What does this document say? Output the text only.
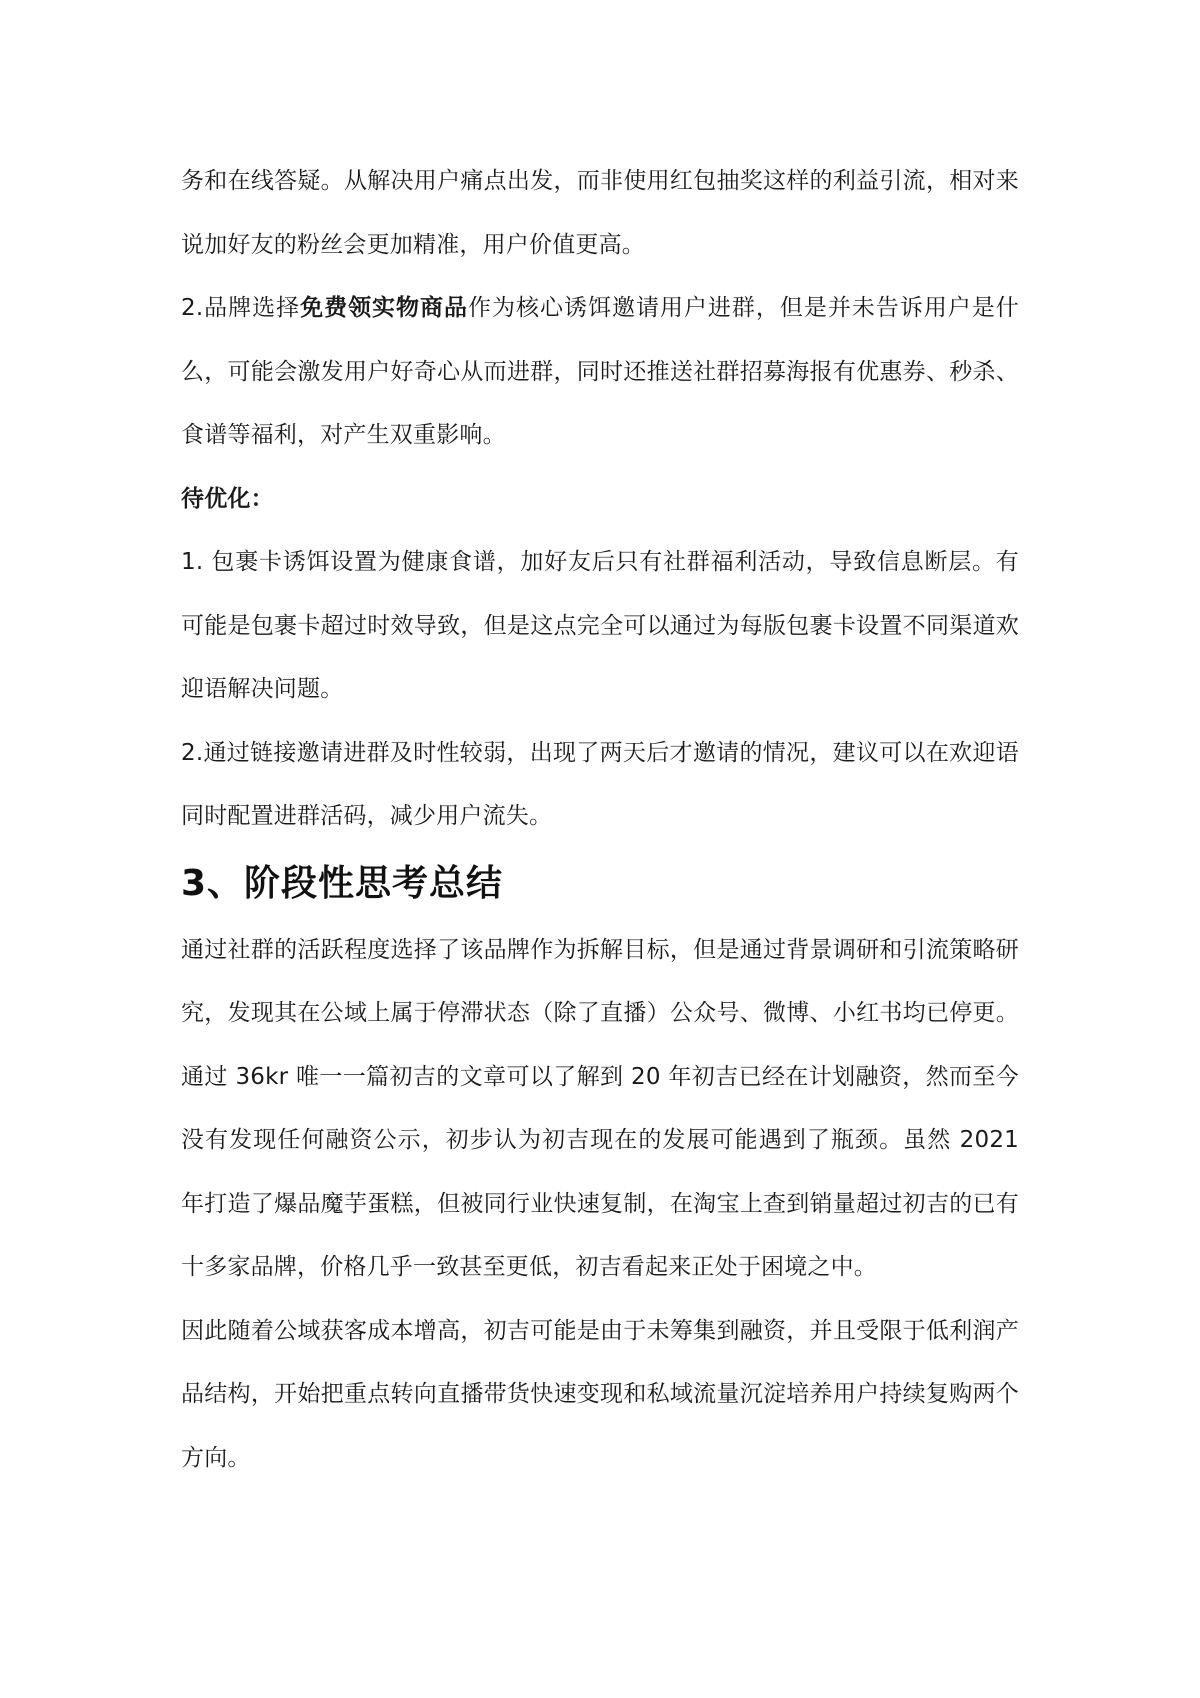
务和在线答疑。从解决用户痛点出发，而非使用红包抽奖这样的利益引流，相对来说加好友的粉丝会更加精准，用户价值更高。

2.品牌选择免费领实物商品作为核心诱饵邀请用户进群，但是并未告诉用户是什么，可能会激发用户好奇心从而进群，同时还推送社群招募海报有优惠券、秒杀、食谱等福利，对产生双重影响。

待优化：

1. 包裹卡诱饵设置为健康食谱，加好友后只有社群福利活动，导致信息断层。有可能是包裹卡超过时效导致，但是这点完全可以通过为每版包裹卡设置不同渠道欢迎语解决问题。

2.通过链接邀请进群及时性较弱，出现了两天后才邀请的情况，建议可以在欢迎语同时配置进群活码，减少用户流失。

3、阶段性思考总结

通过社群的活跃程度选择了该品牌作为拆解目标，但是通过背景调研和引流策略研究，发现其在公域上属于停滞状态（除了直播）公众号、微博、小红书均已停更。通过 36kr 唯一一篇初吉的文章可以了解到 20 年初吉已经在计划融资，然而至今没有发现任何融资公示，初步认为初吉现在的发展可能遇到了瓶颈。虽然 2021 年打造了爆品魔芋蛋糕，但被同行业快速复制，在淘宝上查到销量超过初吉的已有十多家品牌，价格几乎一致甚至更低，初吉看起来正处于困境之中。

因此随着公域获客成本增高，初吉可能是由于未筹集到融资，并且受限于低利润产品结构，开始把重点转向直播带货快速变现和私域流量沉淀培养用户持续复购两个方向。
